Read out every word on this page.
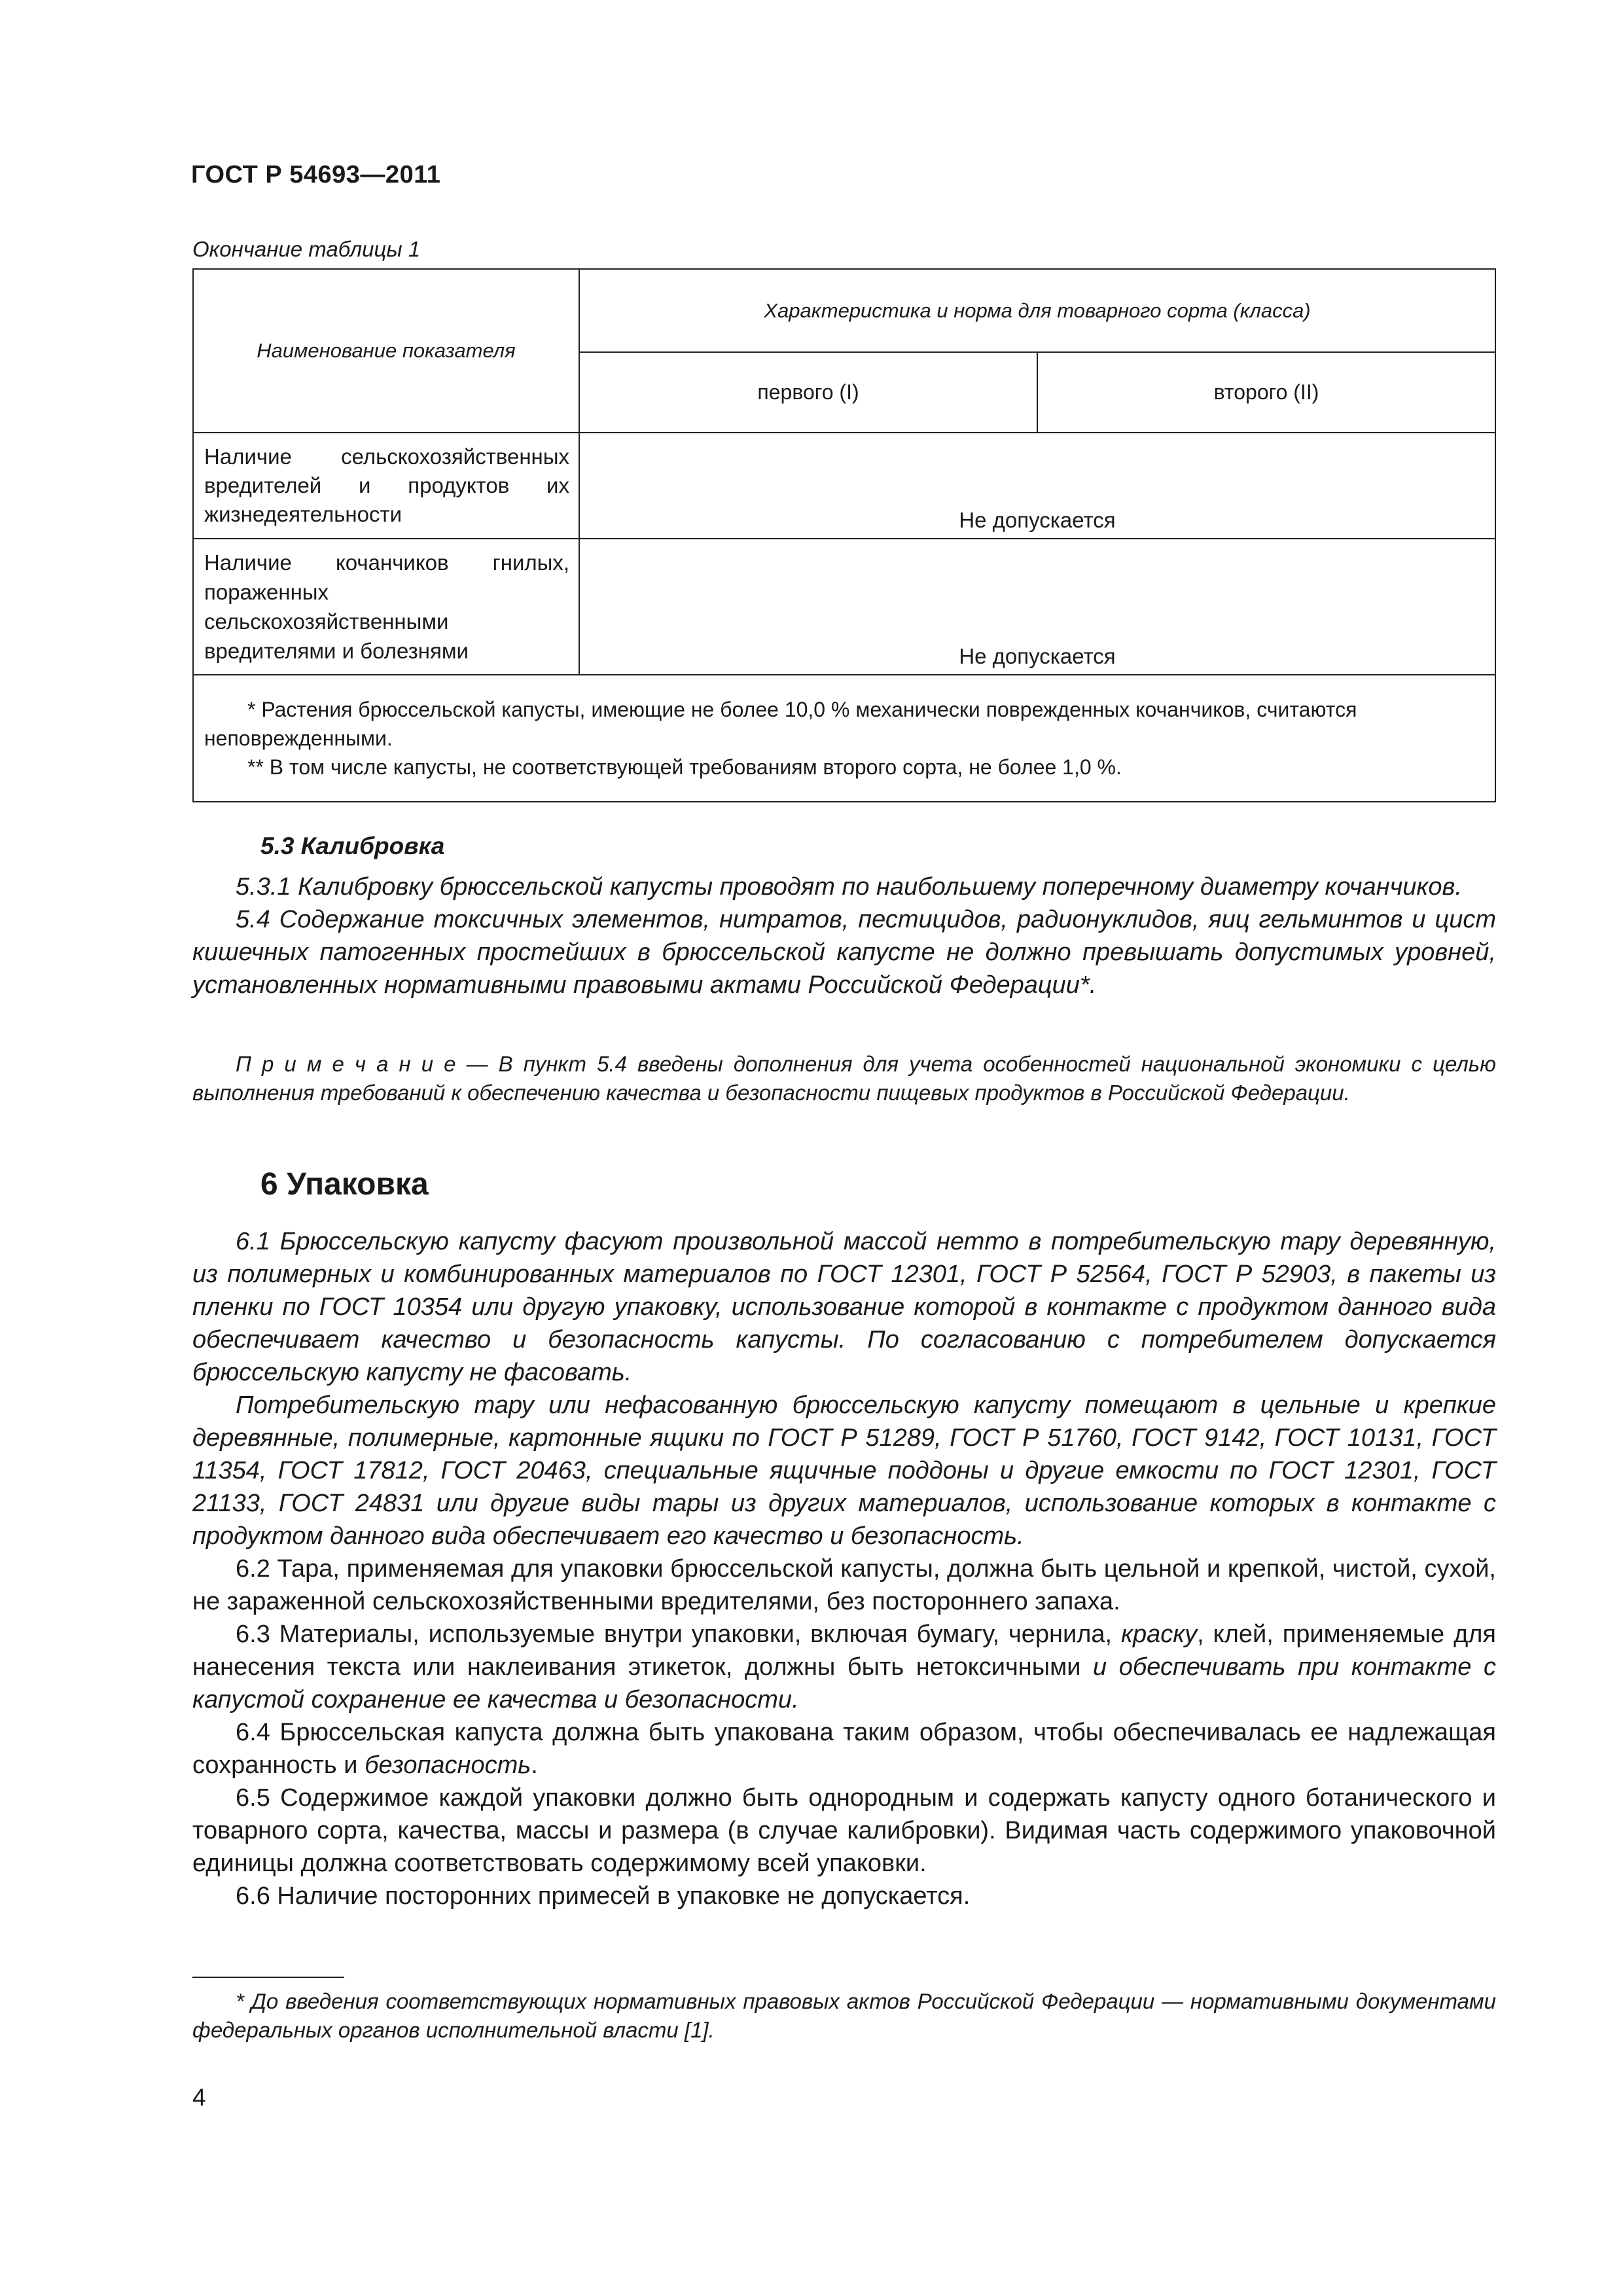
ГОСТ Р 54693—2011
Окончание таблицы 1
Наименование показателя	Характеристика и норма для товарного сорта (класса)	
	первого (I)	второго (II)
Наличие сельскохозяйственных вредителей и продуктов их жизнедеятельности	Не допускается	
Наличие кочанчиков гнилых, пораженных сельскохозяйственными вредителями и болезнями	Не допускается	

* Растения брюссельской капусты, имеющие не более 10,0 % механически поврежденных кочанчиков, считаются неповрежденными.

** В том числе капусты, не соответствующей требованиям второго сорта, не более 1,0 %.		

5.3 Калибровка

5.3.1 Калибровку брюссельской капусты проводят по наибольшему поперечному диаметру кочанчиков.

5.4 Содержание токсичных элементов, нитратов, пестицидов, радионуклидов, яиц гельминтов и цист кишечных патогенных простейших в брюссельской капусте не должно превышать допустимых уровней, установленных нормативными правовыми актами Российской Федерации*.

П р и м е ч а н и е — В пункт 5.4 введены дополнения для учета особенностей национальной экономики с целью выполнения требований к обеспечению качества и безопасности пищевых продуктов в Российской Федерации.
6 Упаковка

6.1 Брюссельскую капусту фасуют произвольной массой нетто в потребительскую тару деревянную, из полимерных и комбинированных материалов по ГОСТ 12301, ГОСТ Р 52564, ГОСТ Р 52903, в пакеты из пленки по ГОСТ 10354 или другую упаковку, использование которой в контакте с продуктом данного вида обеспечивает качество и безопасность капусты. По согласованию с потребителем допускается брюссельскую капусту не фасовать.

Потребительскую тару или нефасованную брюссельскую капусту помещают в цельные и крепкие деревянные, полимерные, картонные ящики по ГОСТ Р 51289, ГОСТ Р 51760, ГОСТ 9142, ГОСТ 10131, ГОСТ 11354, ГОСТ 17812, ГОСТ 20463, специальные ящичные поддоны и другие емкости по ГОСТ 12301, ГОСТ 21133, ГОСТ 24831 или другие виды тары из других материалов, использование которых в контакте с продуктом данного вида обеспечивает его качество и безопасность.

6.2 Тара, применяемая для упаковки брюссельской капусты, должна быть цельной и крепкой, чистой, сухой, не зараженной сельскохозяйственными вредителями, без постороннего запаха.

6.3 Материалы, используемые внутри упаковки, включая бумагу, чернила, краску, клей, применяемые для нанесения текста или наклеивания этикеток, должны быть нетоксичными и обеспечивать при контакте с капустой сохранение ее качества и безопасности.

6.4 Брюссельская капуста должна быть упакована таким образом, чтобы обеспечивалась ее надлежащая сохранность и безопасность.

6.5 Содержимое каждой упаковки должно быть однородным и содержать капусту одного ботанического и товарного сорта, качества, массы и размера (в случае калибровки). Видимая часть содержимого упаковочной единицы должна соответствовать содержимому всей упаковки.

6.6 Наличие посторонних примесей в упаковке не допускается.

* До введения соответствующих нормативных правовых актов Российской Федерации — нормативными документами федеральных органов исполнительной власти [1].
4
